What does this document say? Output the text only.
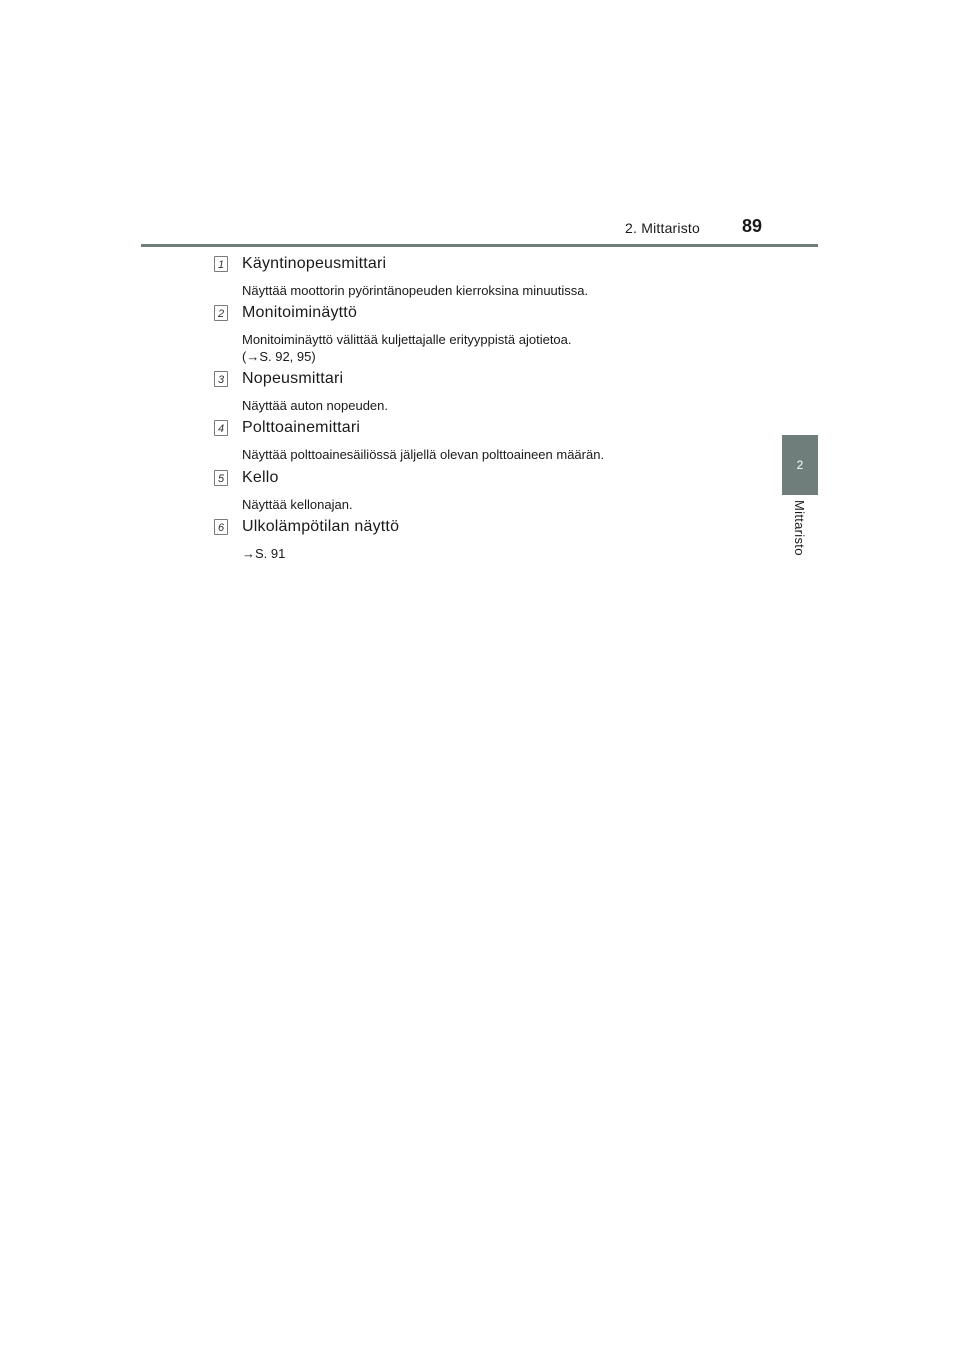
2. Mittaristo 89
2
Mittaristo
1 Käyntinopeusmittari
Näyttää moottorin pyörintänopeuden kierroksina minuutissa.
2 Monitoiminäyttö
Monitoiminäyttö välittää kuljettajalle erityyppistä ajotietoa.
(→S. 92, 95)
3 Nopeusmittari
Näyttää auton nopeuden.
4 Polttoainemittari
Näyttää polttoainesäiliössä jäljellä olevan polttoaineen määrän.
5 Kello
Näyttää kellonajan.
6 Ulkolämpötilan näyttö
→S. 91
